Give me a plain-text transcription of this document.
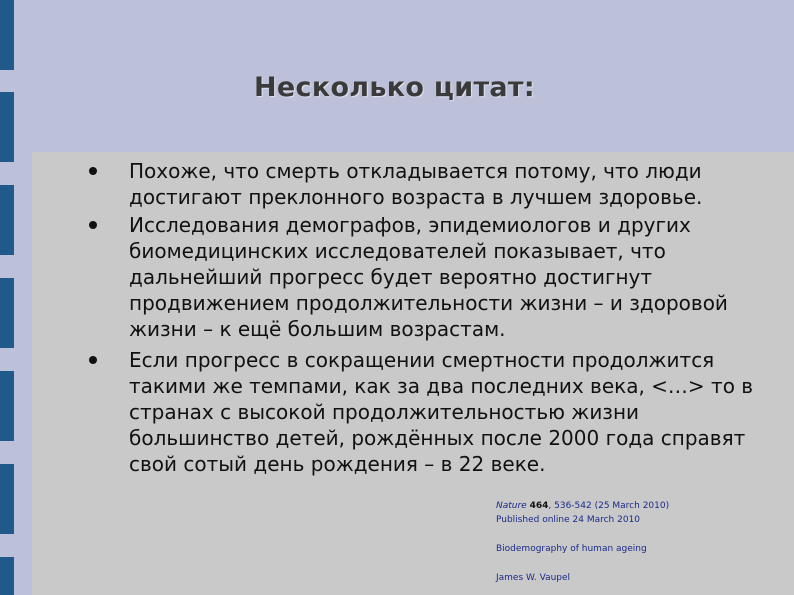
Несколько цитат:
Похоже, что смерть откладывается потому, что люди достигают преклонного возраста в лучшем здоровье.
Исследования демографов, эпидемиологов и других биомедицинских исследователей показывает, что дальнейший прогресс будет вероятно достигнут продвижением продолжительности жизни – и здоровой жизни – к ещё большим возрастам.
Если прогресс в сокращении смертности продолжится такими же темпами, как за два последних века, <…> то в странах с высокой продолжительностью жизни большинство детей, рождённых после 2000 года справят свой сотый день рождения – в 22 веке.
Nature 464, 536-542 (25 March 2010)
Published online 24 March 2010
Biodemography of human ageing
James W. Vaupel
